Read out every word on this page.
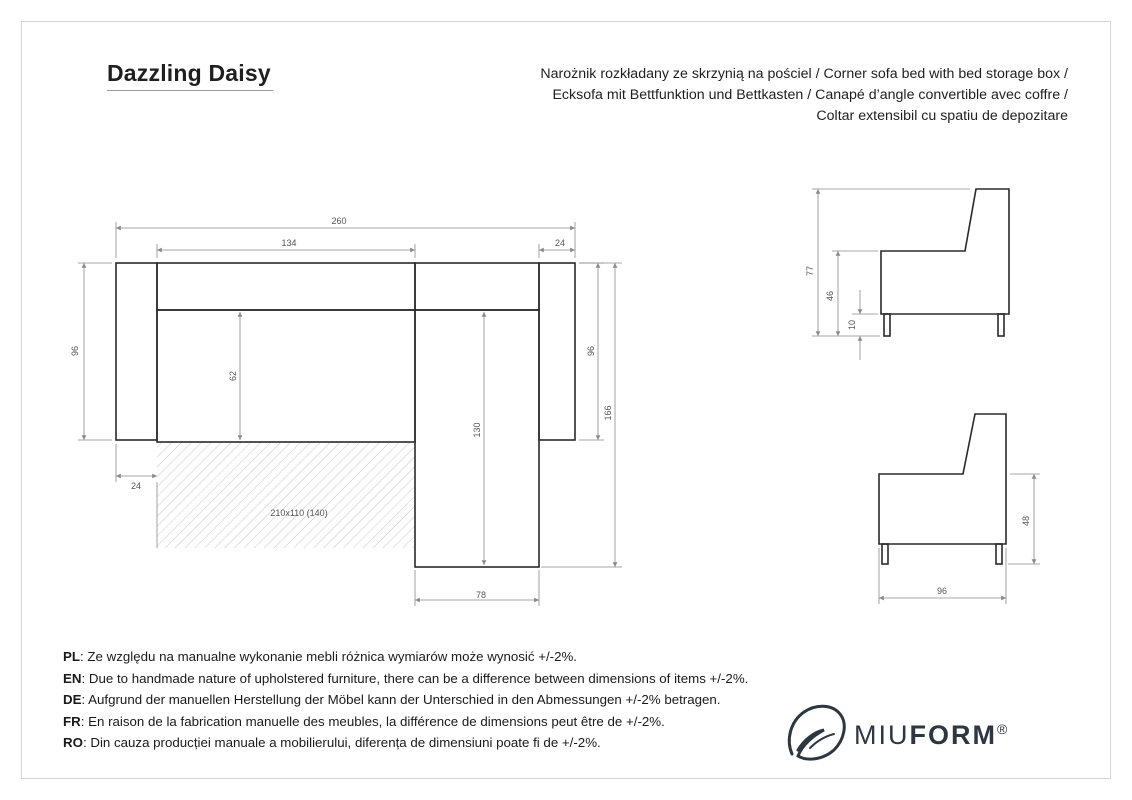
Dazzling Daisy	Narożnik rozkładany ze skrzynią na pościel / Corner sofa bed with bed storage box /
Ecksofa mit Bettfunktion und Bettkasten / Canapé d’angle convertible avec coffre /
Coltar extensibil cu spatiu de depozitare
260
134	24
96
62
130
96
166
24
210x110 (140)
78
77
46
10
48
96
PL: Ze względu na manualne wykonanie mebli różnica wymiarów może wynosić +/-2%.
EN: Due to handmade nature of upholstered furniture, there can be a difference between dimensions of items +/-2%.
DE: Aufgrund der manuellen Herstellung der Möbel kann der Unterschied in den Abmessungen +/-2% betragen.
FR: En raison de la fabrication manuelle des meubles, la différence de dimensions peut être de +/-2%.
RO: Din cauza producției manuale a mobilierului, diferența de dimensiuni poate fi de +/-2%.	MIUFORM®
